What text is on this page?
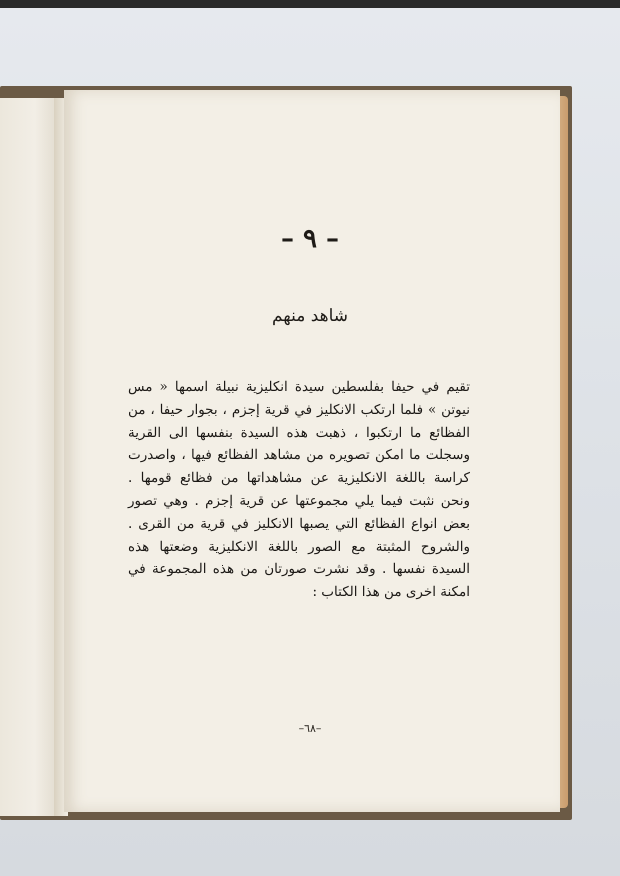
– ٩ –
شاهد منهم
تقيم في حيفا بفلسطين سيدة انكليزية نبيلة اسمها « مس نيوتن » فلما ارتكب الانكليز في قرية إجزم ، بجوار حيفا ، من الفظائع ما ارتكبوا ، ذهبت هذه السيدة بنفسها الى القرية وسجلت ما امكن تصويره من مشاهد الفظائع فيها ، واصدرت كراسة باللغة الانكليزية عن مشاهداتها من فظائع قومها . ونحن نثبت فيما يلي مجموعتها عن قرية إجزم . وهي تصور بعض انواع الفظائع التي يصبها الانكليز في قرية من القرى . والشروح المثبتة مع الصور باللغة الانكليزية وضعتها هذه السيدة نفسها . وقد نشرت صورتان من هذه المجموعة في امكنة اخرى من هذا الكتاب :
–٦٨–
